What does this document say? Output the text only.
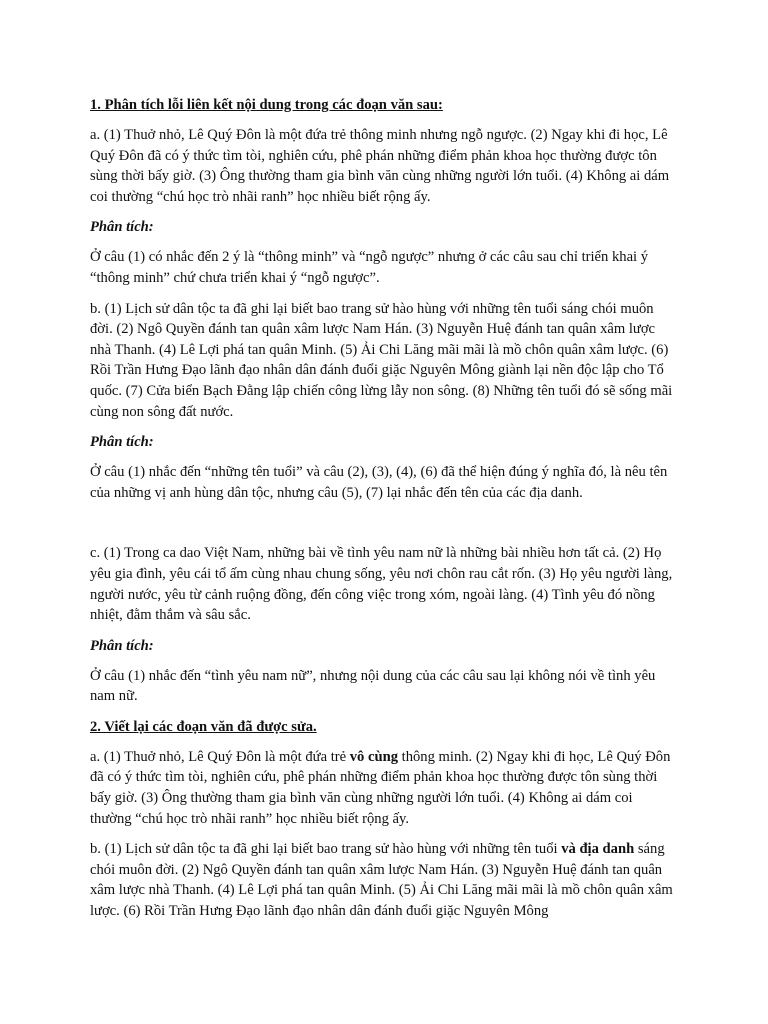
1. Phân tích lỗi liên kết nội dung trong các đoạn văn sau:

a. (1) Thuở nhỏ, Lê Quý Đôn là một đứa trẻ thông minh nhưng ngỗ ngược. (2) Ngay khi đi học, Lê Quý Đôn đã có ý thức tìm tòi, nghiên cứu, phê phán những điểm phản khoa học thường được tôn sùng thời bấy giờ. (3) Ông thường tham gia bình văn cùng những người lớn tuổi. (4) Không ai dám coi thường “chú học trò nhãi ranh” học nhiều biết rộng ấy.

Phân tích:

Ở câu (1) có nhắc đến 2 ý là “thông minh” và “ngỗ ngược” nhưng ở các câu sau chỉ triển khai ý “thông minh” chứ chưa triển khai ý “ngỗ ngược”.

b. (1) Lịch sử dân tộc ta đã ghi lại biết bao trang sử hào hùng với những tên tuổi sáng chói muôn đời. (2) Ngô Quyền đánh tan quân xâm lược Nam Hán. (3) Nguyễn Huệ đánh tan quân xâm lược nhà Thanh. (4) Lê Lợi phá tan quân Minh. (5) Ải Chi Lăng mãi mãi là mồ chôn quân xâm lược. (6) Rồi Trần Hưng Đạo lãnh đạo nhân dân đánh đuổi giặc Nguyên Mông giành lại nền độc lập cho Tổ quốc. (7) Cửa biển Bạch Đằng lập chiến công lừng lẫy non sông. (8) Những tên tuổi đó sẽ sống mãi cùng non sông đất nước.

Phân tích:

Ở câu (1) nhắc đến “những tên tuổi” và câu (2), (3), (4), (6) đã thể hiện đúng ý nghĩa đó, là nêu tên của những vị anh hùng dân tộc, nhưng câu (5), (7) lại nhắc đến tên của các địa danh.

c. (1) Trong ca dao Việt Nam, những bài về tình yêu nam nữ là những bài nhiều hơn tất cả. (2) Họ yêu gia đình, yêu cái tổ ấm cùng nhau chung sống, yêu nơi chôn rau cắt rốn. (3) Họ yêu người làng, người nước, yêu từ cảnh ruộng đồng, đến công việc trong xóm, ngoài làng. (4) Tình yêu đó nồng nhiệt, đằm thắm và sâu sắc.

Phân tích:

Ở câu (1) nhắc đến “tình yêu nam nữ”, nhưng nội dung của các câu sau lại không nói về tình yêu nam nữ.

2. Viết lại các đoạn văn đã được sửa.

a. (1) Thuở nhỏ, Lê Quý Đôn là một đứa trẻ vô cùng thông minh. (2) Ngay khi đi học, Lê Quý Đôn đã có ý thức tìm tòi, nghiên cứu, phê phán những điểm phản khoa học thường được tôn sùng thời bấy giờ. (3) Ông thường tham gia bình văn cùng những người lớn tuổi. (4) Không ai dám coi thường “chú học trò nhãi ranh” học nhiều biết rộng ấy.

b. (1) Lịch sử dân tộc ta đã ghi lại biết bao trang sử hào hùng với những tên tuổi và địa danh sáng chói muôn đời. (2) Ngô Quyền đánh tan quân xâm lược Nam Hán. (3) Nguyễn Huệ đánh tan quân xâm lược nhà Thanh. (4) Lê Lợi phá tan quân Minh. (5) Ải Chi Lăng mãi mãi là mồ chôn quân xâm lược. (6) Rồi Trần Hưng Đạo lãnh đạo nhân dân đánh đuổi giặc Nguyên Mông
